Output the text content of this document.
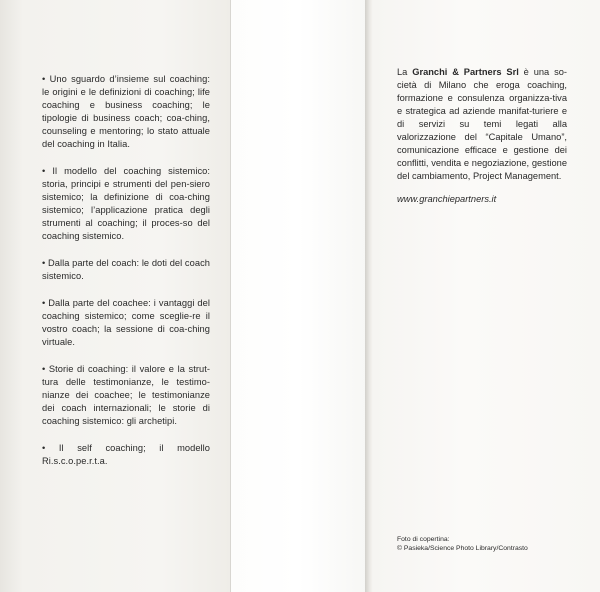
• Uno sguardo d’insieme sul coaching: le origini e le definizioni di coaching; life coaching e business coaching; le tipologie di business coach; coa-ching, counseling e mentoring; lo stato attuale del coaching in Italia.

• Il modello del coaching sistemico: storia, principi e strumenti del pen-siero sistemico; la definizione di coa-ching sistemico; l’applicazione pratica degli strumenti al coaching; il proces-so del coaching sistemico.

• Dalla parte del coach: le doti del coach sistemico.

• Dalla parte del coachee: i vantaggi del coaching sistemico; come sceglie-re il vostro coach; la sessione di coa-ching virtuale.

• Storie di coaching: il valore e la strut-tura delle testimonianze, le testimo-nianze dei coachee; le testimonianze dei coach internazionali; le storie di coaching sistemico: gli archetipi.

• Il self coaching; il modello Ri.s.c.o.pe.r.t.a.

La Granchi & Partners Srl è una so-cietà di Milano che eroga coaching, formazione e consulenza organizza-tiva e strategica ad aziende manifat-turiere e di servizi su temi legati alla valorizzazione del “Capitale Umano”, comunicazione efficace e gestione dei conflitti, vendita e negoziazione, gestione del cambiamento, Project Management.

www.granchiepartners.it

Foto di copertina:
© Pasieka/Science Photo Library/Contrasto
